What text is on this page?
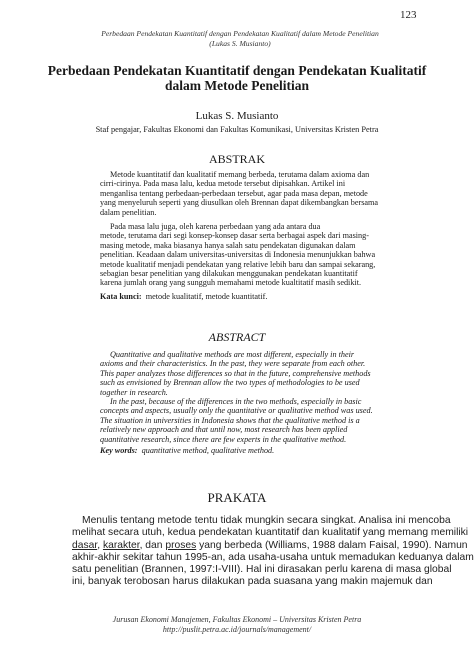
Perbedaan Pendekatan Kuantitatif dengan Pendekatan Kualitatif dalam Metode Penelitian
(Lukas S. Musianto)
123
Perbedaan Pendekatan Kuantitatif dengan Pendekatan Kualitatif
dalam Metode Penelitian
Lukas S. Musianto
Staf pengajar, Fakultas Ekonomi dan Fakultas Komunikasi, Universitas Kristen Petra
ABSTRAK
Metode kuantitatif dan kualitatif memang berbeda, terutama dalam axioma dan
cirri-cirinya. Pada masa lalu, kedua metode tersebut dipisahkan. Artikel ini
menganlisa tentang perbedaan-perbedaan tersebut, agar pada masa depan, metode
yang menyeluruh seperti yang diusulkan oleh Brennan dapat dikembangkan bersama
dalam penelitian.
Pada masa lalu juga, oleh karena perbedaan yang ada antara dua
metode, terutama dari segi konsep-konsep dasar serta berbagai aspek dari masing-
masing metode, maka biasanya hanya salah satu pendekatan digunakan dalam
penelitian. Keadaan dalam universitas-universitas di Indonesia menunjukkan bahwa
metode kualitatif menjadi pendekatan yang relative lebih baru dan sampai sekarang,
sebagian besar penelitian yang dilakukan menggunakan pendekatan kuantitatif
karena jumlah orang yang sungguh memahami metode kualtitatif masih sedikit.
Kata kunci: metode kualitatif, metode kuantitatif.
ABSTRACT
Quantitative and qualitative methods are most different, especially in their
axioms and their characteristics. In the past, they were separate from each other.
This paper analyzes those differences so that in the future, comprehensive methods
such as envisioned by Brennan allow the two types of methodologies to be used
together in research.
In the past, because of the differences in the two methods, especially in basic
concepts and aspects, usually only the quantitative or qualitative method was used.
The situation in universities in Indonesia shows that the qualitative method is a
relatively new approach and that until now, most research has been applied
quantitative research, since there are few experts in the qualitative method.
Key words: quantitative method, qualitative method.
PRAKATA
Menulis tentang metode tentu tidak mungkin secara singkat. Analisa ini mencoba
melihat secara utuh, kedua pendekatan kuantitatif dan kualitatif yang memang memiliki
dasar, karakter, dan proses yang berbeda (Williams, 1988 dalam Faisal, 1990). Namun
akhir-akhir sekitar tahun 1995-an, ada usaha-usaha untuk memadukan keduanya dalam
satu penelitian (Brannen, 1997:I-VIII). Hal ini dirasakan perlu karena di masa global
ini, banyak terobosan harus dilakukan pada suasana yang makin majemuk dan
Jurusan Ekonomi Manajemen, Fakultas Ekonomi – Universitas Kristen Petra
http://puslit.petra.ac.id/journals/management/
